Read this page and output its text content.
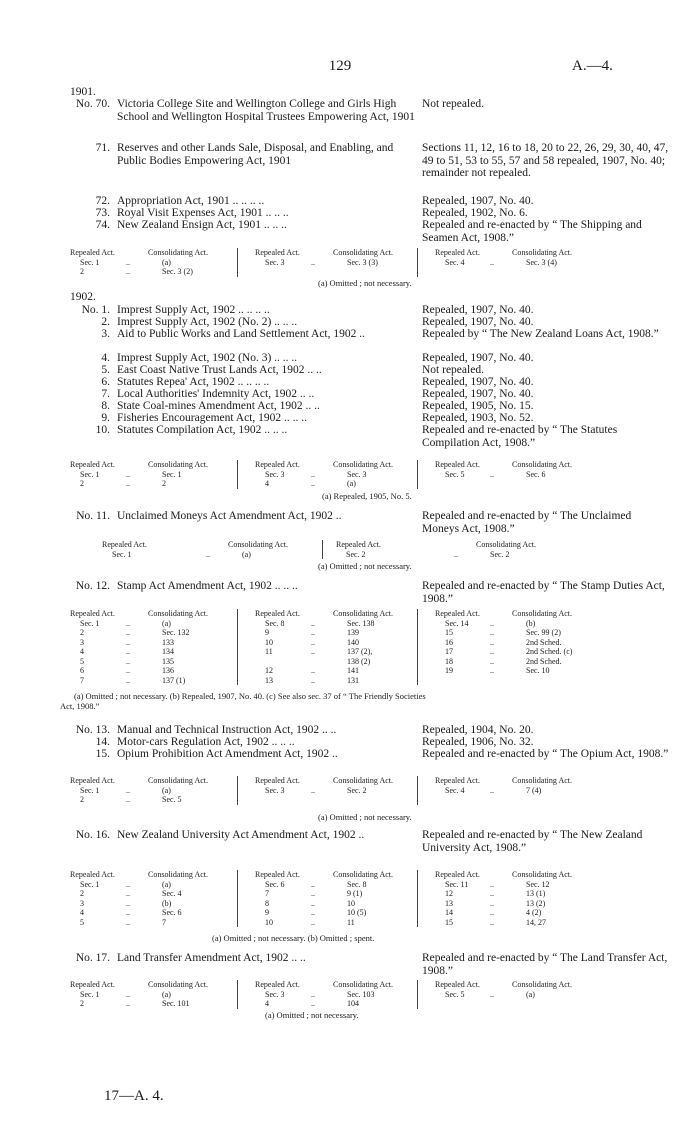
129	A.—4.
1901.
1902.
No. 70. Victoria College Site and Wellington College and Girls High School and Wellington Hospital Trustees Empowering Act, 1901
Not repealed.
71. Reserves and other Lands Sale, Disposal, and Enabling, and Public Bodies Empowering Act, 1901
Sections 11, 12, 16 to 18, 20 to 22, 26, 29, 30, 40, 47, 49 to 51, 53 to 55, 57 and 58 repealed, 1907, No. 40; remainder not repealed.
72. Appropriation Act, 1901 .. .. .. ..	Repealed, 1907, No. 40.
73. Royal Visit Expenses Act, 1901 .. .. ..	Repealed, 1902, No. 6.
74. New Zealand Ensign Act, 1901 .. .. ..	Repealed and re-enacted by “ The Shipping and Seamen Act, 1908.”
No. 1. Imprest Supply Act, 1902 .. .. .. ..	Repealed, 1907, No. 40.
2. Imprest Supply Act, 1902 (No. 2) .. .. ..	Repealed, 1907, No. 40.
3. Aid to Public Works and Land Settlement Act, 1902 ..	Repealed by “ The New Zealand Loans Act, 1908.”
4. Imprest Supply Act, 1902 (No. 3) .. .. ..	Repealed, 1907, No. 40.
5. East Coast Native Trust Lands Act, 1902 .. ..	Not repealed.
6. Statutes Repea' Act, 1902 .. .. .. ..	Repealed, 1907, No. 40.
7. Local Authorities' Indemnity Act, 1902 .. ..	Repealed, 1907, No. 40.
8. State Coal-mines Amendment Act, 1902 .. ..	Repealed, 1905, No. 15.
9. Fisheries Encouragement Act, 1902 .. .. ..	Repealed, 1903, No. 52.
10. Statutes Compilation Act, 1902 .. .. ..	Repealed and re-enacted by “ The Statutes Compilation Act, 1908.”
No. 11. Unclaimed Moneys Act Amendment Act, 1902 ..	Repealed and re-enacted by “ The Unclaimed Moneys Act, 1908.”
No. 12. Stamp Act Amendment Act, 1902 .. .. ..	Repealed and re-enacted by “ The Stamp Duties Act, 1908.”
No. 13. Manual and Technical Instruction Act, 1902 .. ..	Repealed, 1904, No. 20.
14. Motor-cars Regulation Act, 1902 .. .. ..	Repealed, 1906, No. 32.
15. Opium Prohibition Act Amendment Act, 1902 ..	Repealed and re-enacted by “ The Opium Act, 1908.”
No. 16. New Zealand University Act Amendment Act, 1902 ..	Repealed and re-enacted by “ The New Zealand University Act, 1908.”
No. 17. Land Transfer Amendment Act, 1902 .. ..	Repealed and re-enacted by “ The Land Transfer Act, 1908.”
Repealed Act.	Consolidating Act.
Sec. 1	..	(a)
2	..	Sec. 3 (2)
Repealed Act.	Consolidating Act.
Sec. 3	..	Sec. 3 (3)
Repealed Act.	Consolidating Act.
Sec. 4	..	Sec. 3 (4)
(a) Omitted ; not necessary.
Repealed Act.	Consolidating Act.
Sec. 1	..	Sec. 1
2	..	2
Repealed Act.	Consolidating Act.
Sec. 3	..	Sec. 3
4	..	(a)
Repealed Act.	Consolidating Act.
Sec. 5	..	Sec. 6
(a) Repealed, 1905, No. 5.
Repealed Act.	Consolidating Act.
Sec. 1	..	(a)
Repealed Act.	Consolidating Act.
Sec. 2	..	Sec. 2
(a) Omitted ; not necessary.
Repealed Act.	Consolidating Act.
Sec. 1	..	(a)
2	..	Sec. 132
3	..	133
4	..	134
5	..	135
6	..	136
7	..	137 (1)
Repealed Act.	Consolidating Act.
Sec. 8	..	Sec. 138
9	..	139
10	..	140
11	..	137 (2),
138 (2)
12	..	141
13	..	131
Repealed Act.	Consolidating Act.
Sec. 14	..	(b)
15	..	Sec. 99 (2)
16	..	2nd Sched.
17	..	2nd Sched. (c)
18	..	2nd Sched.
19	..	Sec. 10
(a) Omitted ; not necessary. (b) Repealed, 1907, No. 40. (c) See also sec. 37 of “ The Friendly Societies
Act, 1908.”
Repealed Act.	Consolidating Act.
Sec. 1	..	(a)
2	..	Sec. 5
Repealed Act.	Consolidating Act.
Sec. 3	..	Sec. 2
Repealed Act.	Consolidating Act.
Sec. 4	..	7 (4)
(a) Omitted ; not necessary.
Repealed Act.	Consolidating Act.
Sec. 1	..	(a)
2	..	Sec. 4
3	..	(b)
4	..	Sec. 6
5	..	7
Repealed Act.	Consolidating Act.
Sec. 6	..	Sec. 8
7	..	9 (1)
8	..	10
9	..	10 (5)
10	..	11
Repealed Act.	Consolidating Act.
Sec. 11	..	Sec. 12
12	..	13 (1)
13	..	13 (2)
14	..	4 (2)
15	..	14, 27
(a) Omitted ; not necessary. (b) Omitted ; spent.
Repealed Act.	Consolidating Act.
Sec. 1	..	(a)
2	..	Sec. 101
Repealed Act.	Consolidating Act.
Sec. 3	..	Sec. 103
4	..	104
Repealed Act.	Consolidating Act.
Sec. 5	..	(a)
(a) Omitted ; not necessary.
17—A. 4.
